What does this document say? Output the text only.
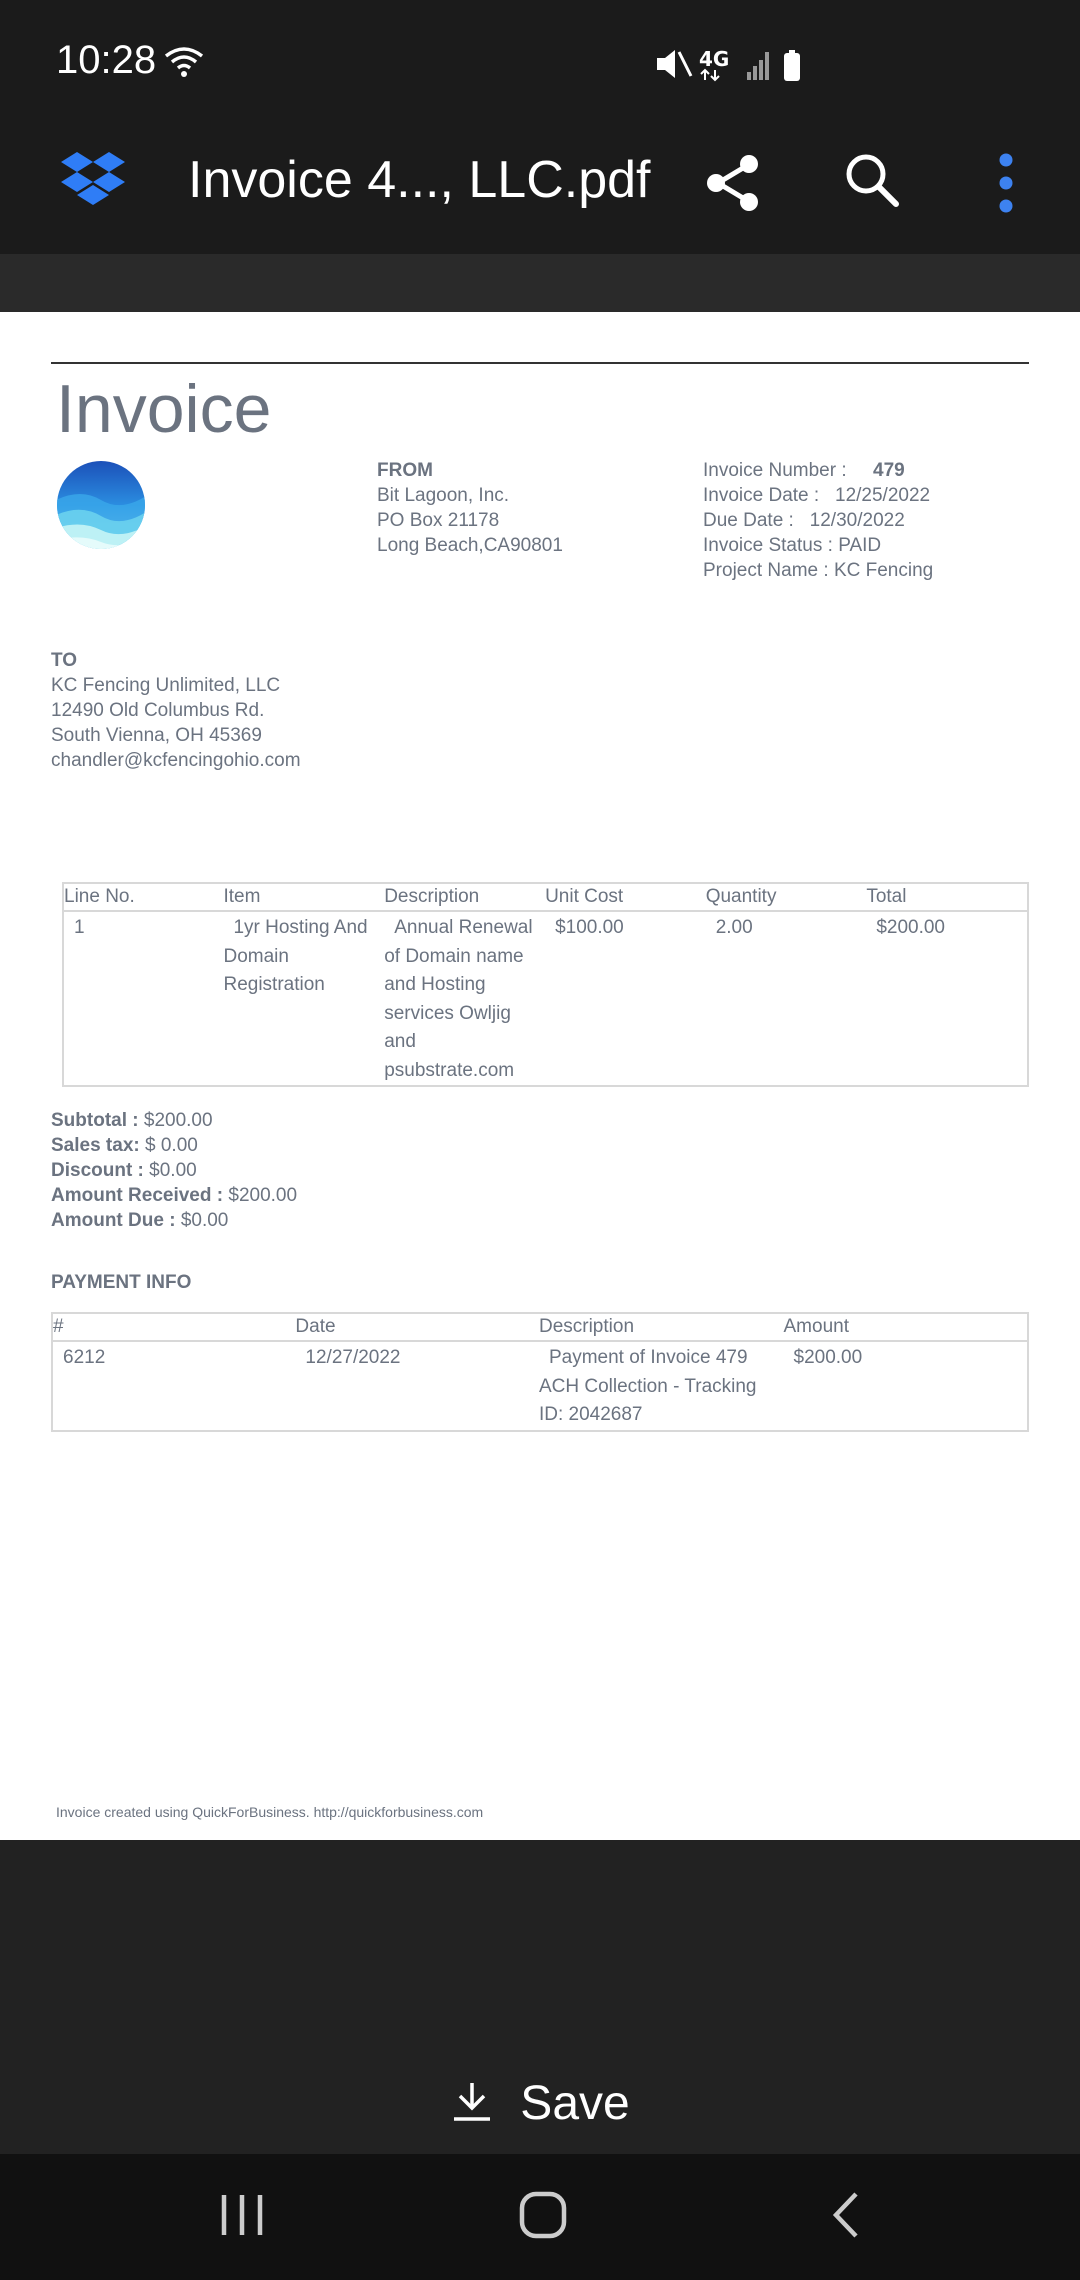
10:28	4G
Invoice 4..., LLC.pdf
Invoice
FROM
Bit Lagoon, Inc.
PO Box 21178
Long Beach,CA90801
Invoice Number : 479
Invoice Date : 12/25/2022
Due Date : 12/30/2022
Invoice Status : PAID
Project Name : KC Fencing
TO
KC Fencing Unlimited, LLC
12490 Old Columbus Rd.
South Vienna, OH 45369
chandler@kcfencingohio.com
Line No.	Item	Description	Unit Cost	Quantity	Total
1	1yr Hosting And Domain Registration	Annual Renewal of Domain name and Hosting services Owljig and psubstrate.com	$100.00	2.00	$200.00
Subtotal : $200.00
Sales tax: $ 0.00
Discount : $0.00
Amount Received : $200.00
Amount Due : $0.00
PAYMENT INFO
#	Date	Description	Amount
6212	12/27/2022	Payment of Invoice 479 ACH Collection - Tracking ID: 2042687	$200.00
Invoice created using QuickForBusiness. http://quickforbusiness.com
Save
